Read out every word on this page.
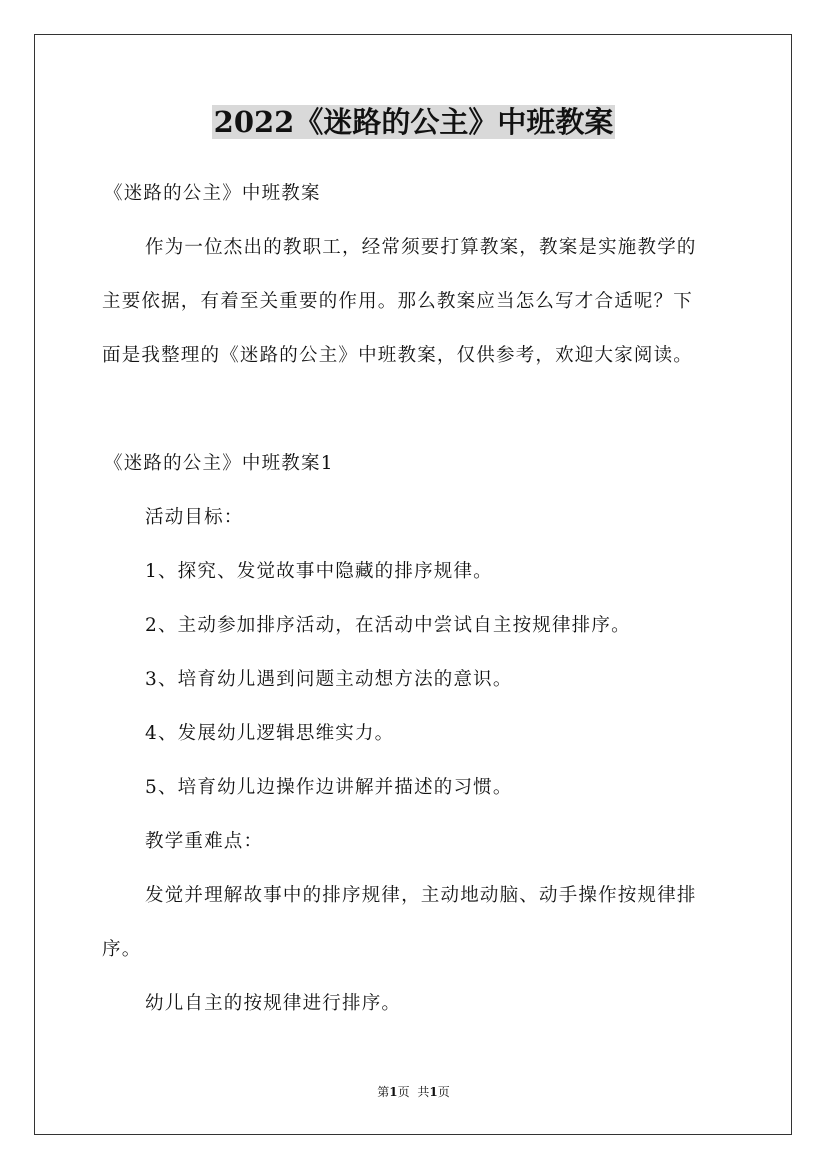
2022《迷路的公主》中班教案
《迷路的公主》中班教案
作为一位杰出的教职工，经常须要打算教案，教案是实施教学的
主要依据，有着至关重要的作用。那么教案应当怎么写才合适呢？下
面是我整理的《迷路的公主》中班教案，仅供参考，欢迎大家阅读。
《迷路的公主》中班教案1
活动目标：
1、探究、发觉故事中隐藏的排序规律。
2、主动参加排序活动，在活动中尝试自主按规律排序。
3、培育幼儿遇到问题主动想方法的意识。
4、发展幼儿逻辑思维实力。
5、培育幼儿边操作边讲解并描述的习惯。
教学重难点：
发觉并理解故事中的排序规律，主动地动脑、动手操作按规律排
序。
幼儿自主的按规律进行排序。
第1页 共1页
